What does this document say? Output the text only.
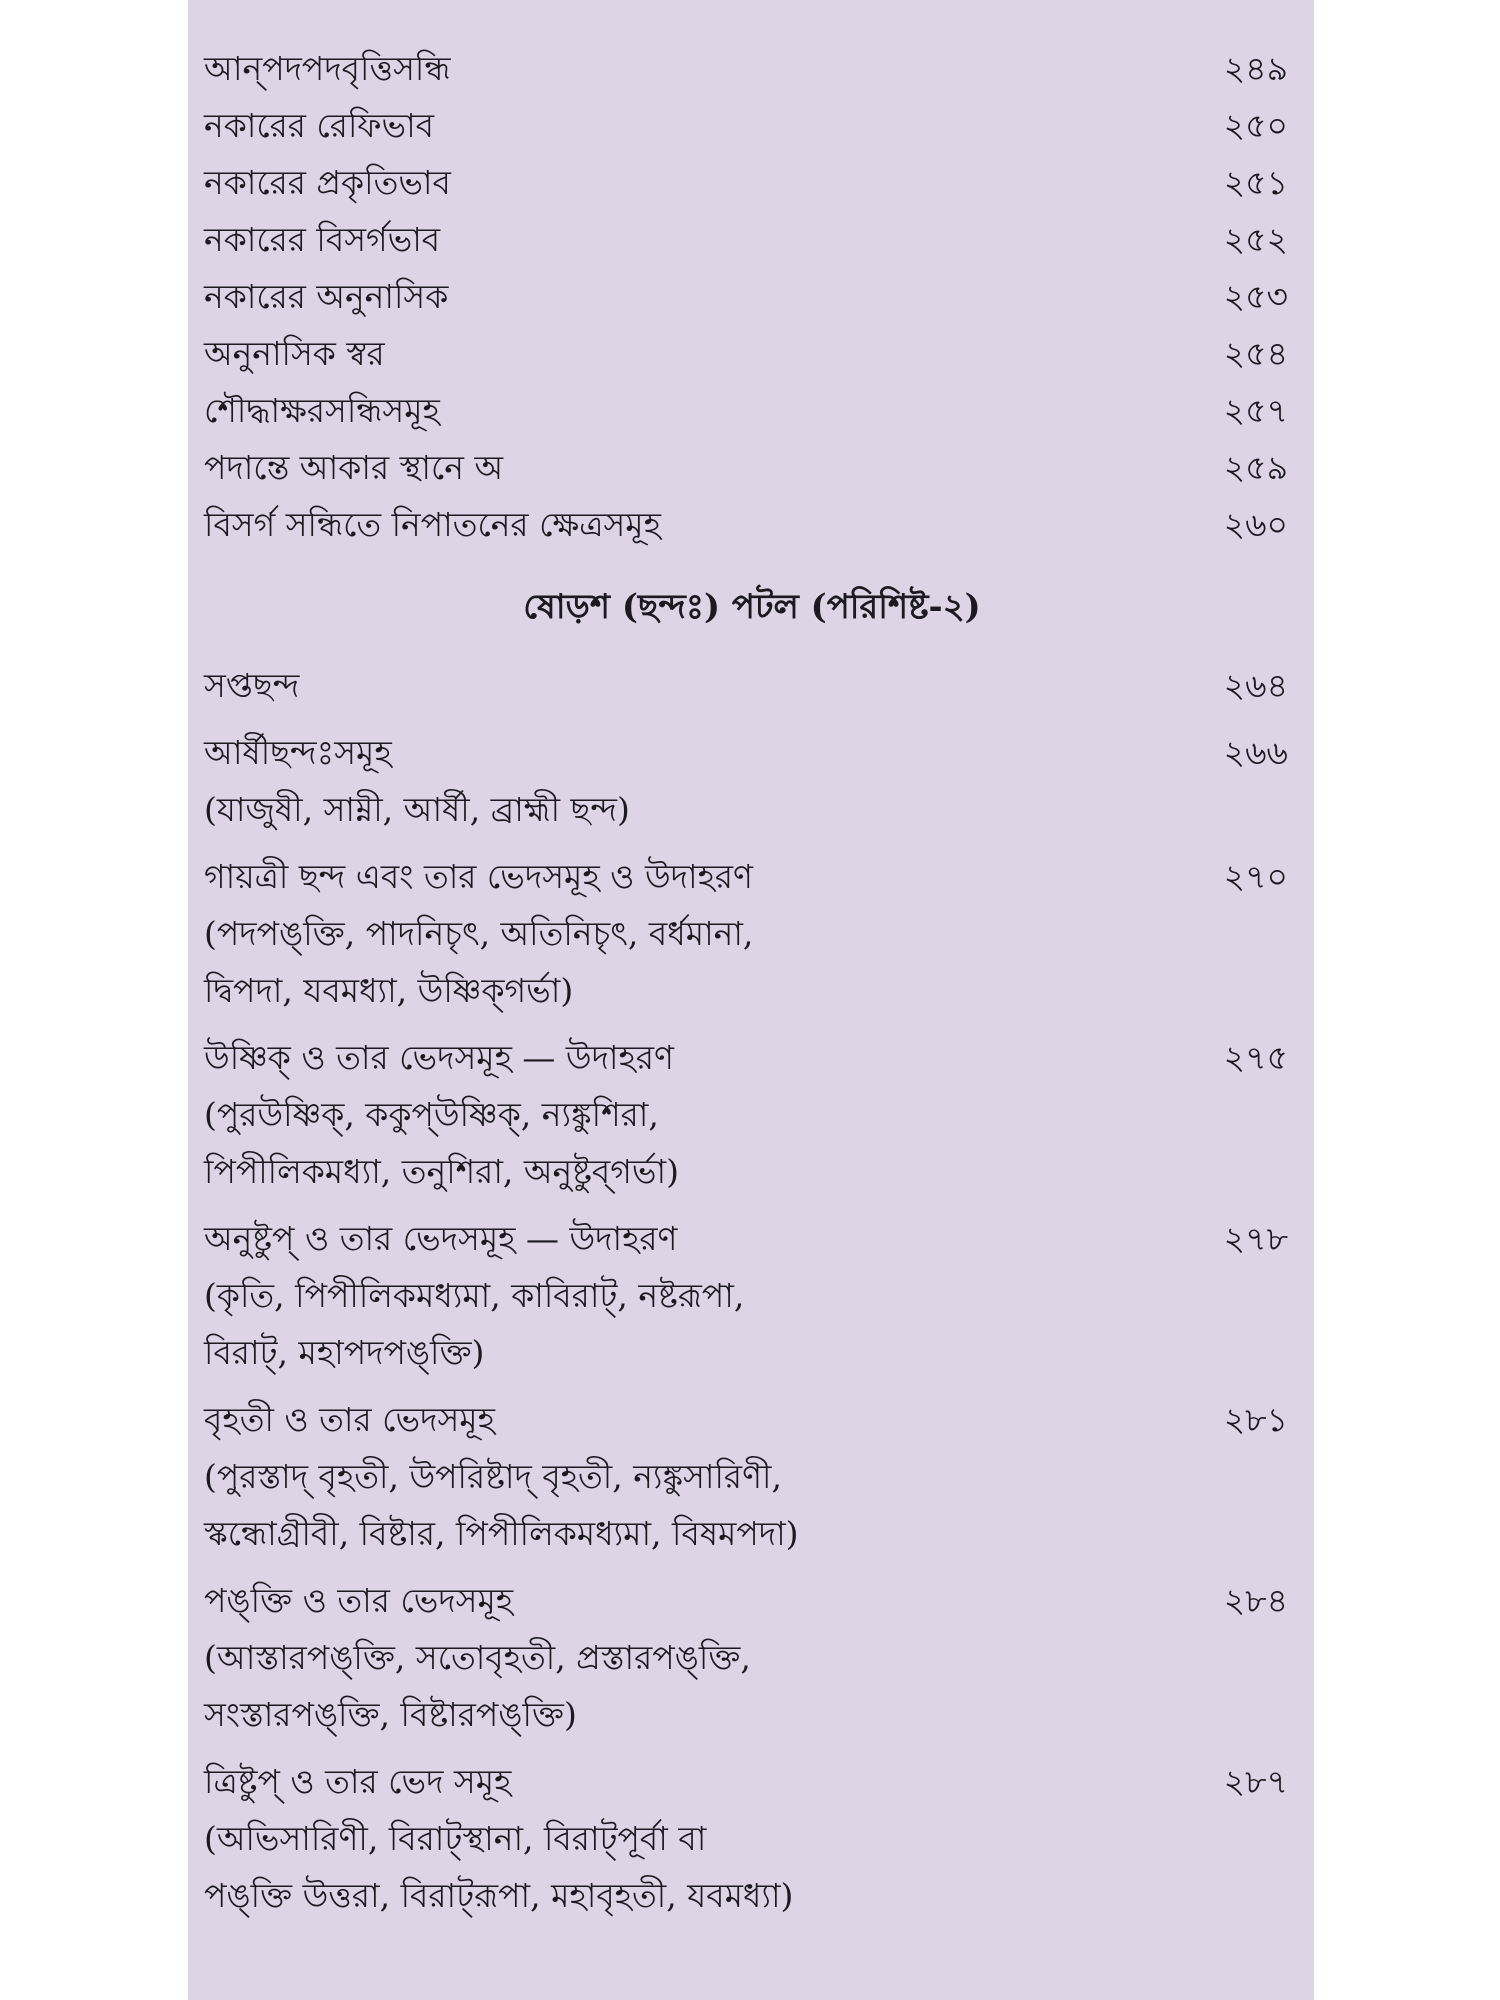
আন্‌পদপদবৃত্তিসন্ধি	২৪৯
নকারের রেফিভাব	২৫০
নকারের প্রকৃতিভাব	২৫১
নকারের বিসর্গভাব	২৫২
নকারের অনুনাসিক	২৫৩
অনুনাসিক স্বর	২৫৪
শৌদ্ধাক্ষরসন্ধিসমূহ	২৫৭
পদান্তে আকার স্থানে অ	২৫৯
বিসর্গ সন্ধিতে নিপাতনের ক্ষেত্রসমূহ	২৬০
ষোড়শ (ছন্দঃ) পটল (পরিশিষ্ট-২)
সপ্তছন্দ	২৬৪
আর্ষীছন্দঃসমূহ	২৬৬
(যাজুষী, সাম্নী, আর্ষী, ব্রাহ্মী ছন্দ)
গায়ত্রী ছন্দ এবং তার ভেদসমূহ ও উদাহরণ	২৭০
(পদপঙ্‌ক্তি, পাদনিচৃৎ, অতিনিচৃৎ, বর্ধমানা,
দ্বিপদা, যবমধ্যা, উষ্ণিক্‌গর্ভা)
উষ্ণিক্‌ ও তার ভেদসমূহ — উদাহরণ	২৭৫
(পুরউষ্ণিক্‌, ককুপ্‌উষ্ণিক্‌, ন্যঙ্কুশিরা,
পিপীলিকমধ্যা, তনুশিরা, অনুষ্টুব্‌গর্ভা)
অনুষ্টুপ্‌ ও তার ভেদসমূহ — উদাহরণ	২৭৮
(কৃতি, পিপীলিকমধ্যমা, কাবিরাট্‌, নষ্টরূপা,
বিরাট্‌, মহাপদপঙ্‌ক্তি)
বৃহতী ও তার ভেদসমূহ	২৮১
(পুরস্তাদ্‌ বৃহতী, উপরিষ্টাদ্‌ বৃহতী, ন্যঙ্কুসারিণী,
স্কন্ধোগ্রীবী, বিষ্টার, পিপীলিকমধ্যমা, বিষমপদা)
পঙ্‌ক্তি ও তার ভেদসমূহ	২৮৪
(আস্তারপঙ্‌ক্তি, সতোবৃহতী, প্রস্তারপঙ্‌ক্তি,
সংস্তারপঙ্‌ক্তি, বিষ্টারপঙ্‌ক্তি)
ত্রিষ্টুপ্‌ ও তার ভেদ সমূহ	২৮৭
(অভিসারিণী, বিরাট্‌স্থানা, বিরাট্‌পূর্বা বা
পঙ্‌ক্তি উত্তরা, বিরাট্‌রূপা, মহাবৃহতী, যবমধ্যা)
